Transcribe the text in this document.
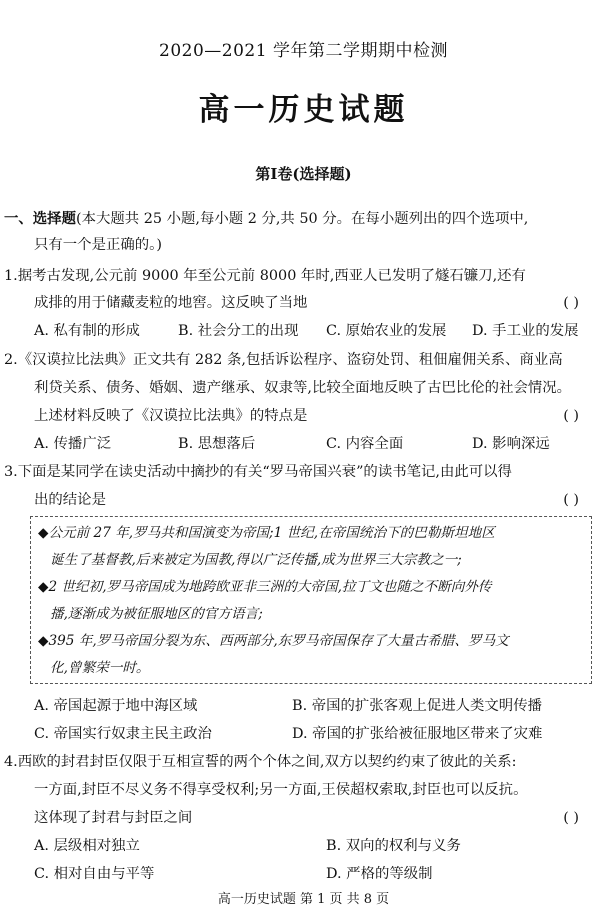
2020—2021 学年第二学期期中检测
高一历史试题
第Ⅰ卷(选择题)
一、选择题(本大题共 25 小题,每小题 2 分,共 50 分。在每小题列出的四个选项中,
只有一个是正确的。)
1.据考古发现,公元前 9000 年至公元前 8000 年时,西亚人已发明了燧石镰刀,还有
成排的用于储藏麦粒的地窖。这反映了当地	( )
A. 私有制的形成	B. 社会分工的出现 C. 原始农业的发展 D. 手工业的发展
2.《汉谟拉比法典》正文共有 282 条,包括诉讼程序、盗窃处罚、租佃雇佣关系、商业高
利贷关系、债务、婚姻、遗产继承、奴隶等,比较全面地反映了古巴比伦的社会情况。
上述材料反映了《汉谟拉比法典》的特点是	( )
A. 传播广泛	B. 思想落后	C. 内容全面	D. 影响深远
3.下面是某同学在读史活动中摘抄的有关“罗马帝国兴衰”的读书笔记,由此可以得
出的结论是	( )
◆公元前 27 年,罗马共和国演变为帝国;1 世纪,在帝国统治下的巴勒斯坦地区
诞生了基督教,后来被定为国教,得以广泛传播,成为世界三大宗教之一;
◆2 世纪初,罗马帝国成为地跨欧亚非三洲的大帝国,拉丁文也随之不断向外传
播,逐渐成为被征服地区的官方语言;
◆395 年,罗马帝国分裂为东、西两部分,东罗马帝国保存了大量古希腊、罗马文
化,曾繁荣一时。
A. 帝国起源于地中海区域	B. 帝国的扩张客观上促进人类文明传播
C. 帝国实行奴隶主民主政治	D. 帝国的扩张给被征服地区带来了灾难
4.西欧的封君封臣仅限于互相宣誓的两个个体之间,双方以契约约束了彼此的关系:
一方面,封臣不尽义务不得享受权利;另一方面,王侯超权索取,封臣也可以反抗。
这体现了封君与封臣之间	( )
A. 层级相对独立	B. 双向的权利与义务
C. 相对自由与平等	D. 严格的等级制
高一历史试题 第 1 页 共 8 页
